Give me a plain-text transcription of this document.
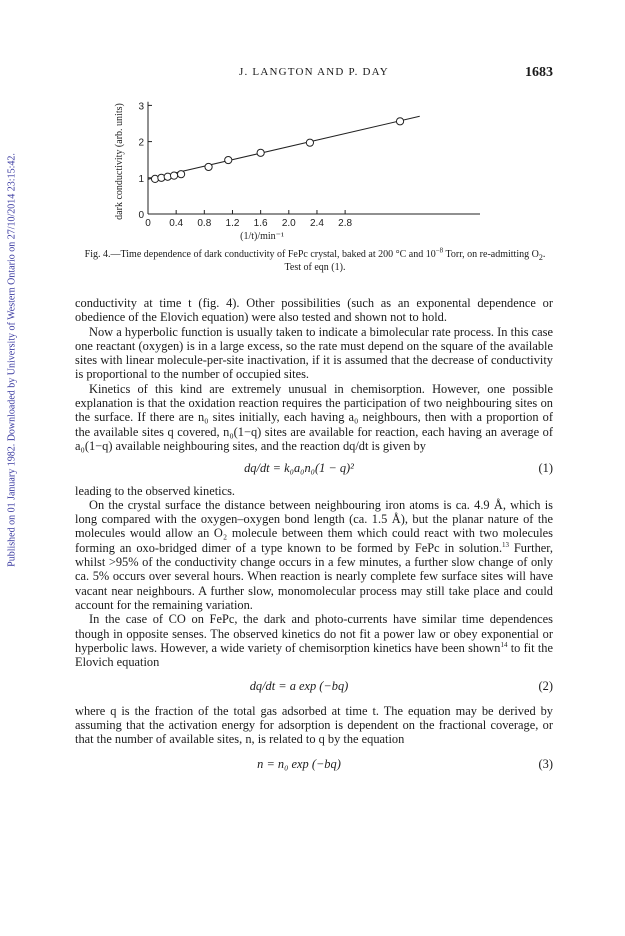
Published on 01 January 1982. Downloaded by University of Western Ontario on 27/10/2014 23:15:42.
J. LANGTON AND P. DAY	1683
0 0.4 0.8 1.2 1.6 2.0 2.4 2.8
0
1
2
3
(1/t)/min⁻¹
dark conductivity (arb. units)
Fig. 4.—Time dependence of dark conductivity of FePc crystal, baked at 200 °C and $10^{-8}$ Torr, on re-admitting $O_2$. Test of eqn (1).

conductivity at time t (fig. 4). Other possibilities (such as an exponental dependence or obedience of the Elovich equation) were also tested and shown not to hold.

Now a hyperbolic function is usually taken to indicate a bimolecular rate process. In this case one reactant (oxygen) is in a large excess, so the rate must depend on the square of the available sites with linear molecule-per-site inactivation, if it is assumed that the decrease of conductivity is proportional to the number of occupied sites.

Kinetics of this kind are extremely unusual in chemisorption. However, one possible explanation is that the oxidation reaction requires the participation of two neighbouring sites on the surface. If there are n₀ sites initially, each having a₀ neighbours, then with a proportion of the available sites q covered, n₀(1−q) sites are available for reaction, each having an average of a₀(1−q) available neighbouring sites, and the reaction dq/dt is given by

dq/dt = k₀a₀n₀(1 − q)²	(1)

leading to the observed kinetics.

On the crystal surface the distance between neighbouring iron atoms is ca. 4.9 Å, which is long compared with the oxygen–oxygen bond length (ca. 1.5 Å), but the planar nature of the molecules would allow an O₂ molecule between them which could react with two molecules forming an oxo-bridged dimer of a type known to be formed by FePc in solution.$^{13}$ Further, whilst >95% of the conductivity change occurs in a few minutes, a further slow change of only ca. 5% occurs over several hours. When reaction is nearly complete few surface sites will have vacant near neighbours. A further slow, monomolecular process may still take place and could account for the remaining variation.

In the case of CO on FePc, the dark and photo-currents have similar time dependences though in opposite senses. The observed kinetics do not fit a power law or obey exponential or hyperbolic laws. However, a wide variety of chemisorption kinetics have been shown$^{14}$ to fit the Elovich equation

dq/dt = a exp (−bq)	(2)

where q is the fraction of the total gas adsorbed at time t. The equation may be derived by assuming that the activation energy for adsorption is dependent on the fractional coverage, or that the number of available sites, n, is related to q by the equation

n = n₀ exp (−bq)	(3)
